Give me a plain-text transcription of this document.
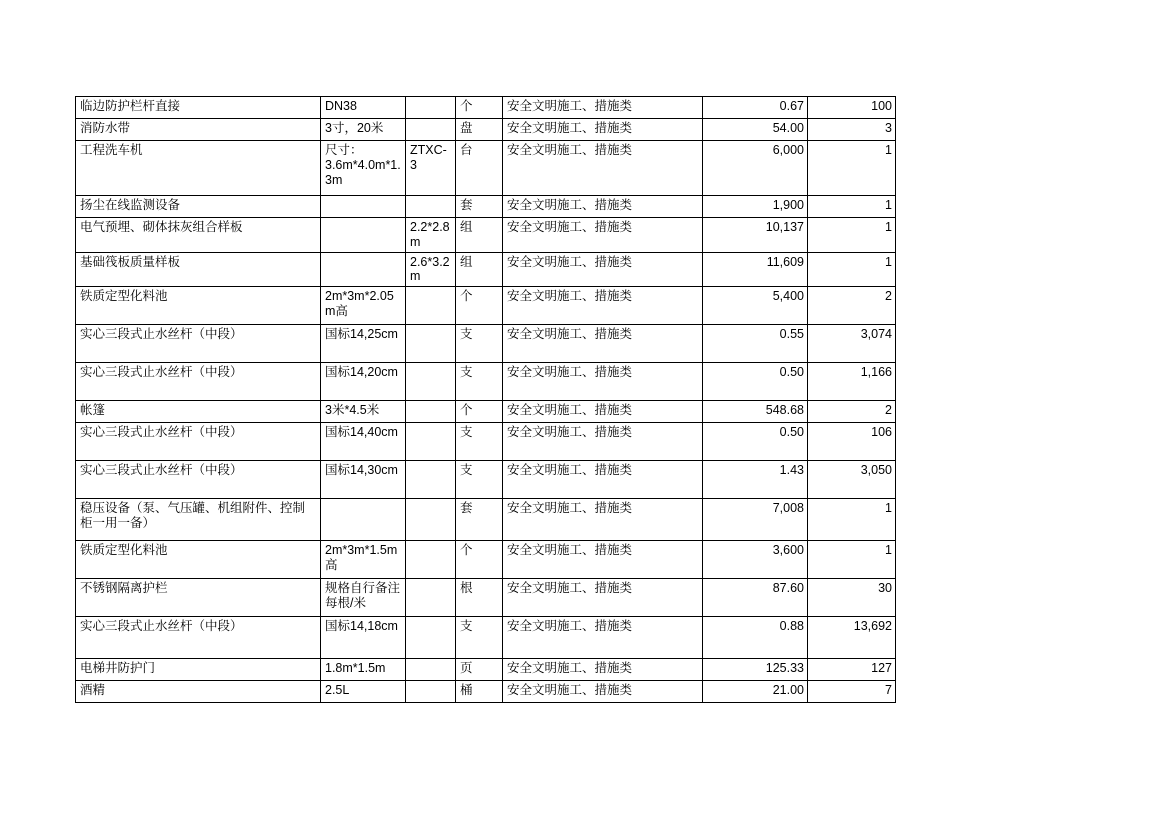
临边防护栏杆直接	DN38		个	安全文明施工、措施类	0.67	100
消防水带	3寸，20米		盘	安全文明施工、措施类	54.00	3
工程洗车机	尺寸：3.6m*4.0m*1.3m	ZTXC-3	台	安全文明施工、措施类	6,000	1
扬尘在线监测设备			套	安全文明施工、措施类	1,900	1
电气预埋、砌体抹灰组合样板		2.2*2.8m	组	安全文明施工、措施类	10,137	1
基础筏板质量样板		2.6*3.2m	组	安全文明施工、措施类	11,609	1
铁质定型化料池	2m*3m*2.05m高		个	安全文明施工、措施类	5,400	2
实心三段式止水丝杆（中段）	国标14,25cm		支	安全文明施工、措施类	0.55	3,074
实心三段式止水丝杆（中段）	国标14,20cm		支	安全文明施工、措施类	0.50	1,166
帐篷	3米*4.5米		个	安全文明施工、措施类	548.68	2
实心三段式止水丝杆（中段）	国标14,40cm		支	安全文明施工、措施类	0.50	106
实心三段式止水丝杆（中段）	国标14,30cm		支	安全文明施工、措施类	1.43	3,050
稳压设备（泵、气压罐、机组附件、控制柜一用一备）			套	安全文明施工、措施类	7,008	1
铁质定型化料池	2m*3m*1.5m高		个	安全文明施工、措施类	3,600	1
不锈钢隔离护栏	规格自行备注每根/米		根	安全文明施工、措施类	87.60	30
实心三段式止水丝杆（中段）	国标14,18cm		支	安全文明施工、措施类	0.88	13,692
电梯井防护门	1.8m*1.5m		页	安全文明施工、措施类	125.33	127
酒精	2.5L		桶	安全文明施工、措施类	21.00	7
